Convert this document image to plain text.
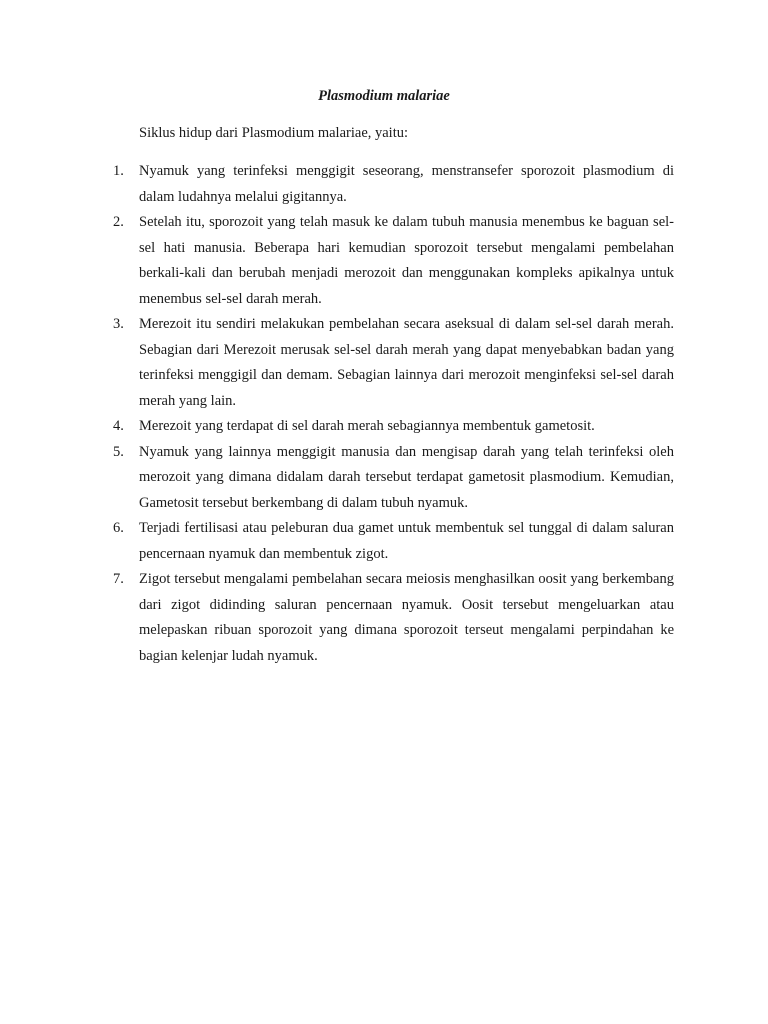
Plasmodium malariae

Siklus hidup dari Plasmodium malariae, yaitu:

1. Nyamuk yang terinfeksi menggigit seseorang, menstransefer sporozoit plasmodium di dalam ludahnya melalui gigitannya.
2. Setelah itu, sporozoit yang telah masuk ke dalam tubuh manusia menembus ke baguan sel-sel hati manusia. Beberapa hari kemudian sporozoit tersebut mengalami pembelahan berkali-kali dan berubah menjadi merozoit dan menggunakan kompleks apikalnya untuk menembus sel-sel darah merah.
3. Merezoit itu sendiri melakukan pembelahan secara aseksual di dalam sel-sel darah merah. Sebagian dari Merezoit merusak sel-sel darah merah yang dapat menyebabkan badan yang terinfeksi menggigil dan demam. Sebagian lainnya dari merozoit menginfeksi sel-sel darah merah yang lain.
4. Merezoit yang terdapat di sel darah merah sebagiannya membentuk gametosit.
5. Nyamuk yang lainnya menggigit manusia dan mengisap darah yang telah terinfeksi oleh merozoit yang dimana didalam darah tersebut terdapat gametosit plasmodium. Kemudian, Gametosit tersebut berkembang di dalam tubuh nyamuk.
6. Terjadi fertilisasi atau peleburan dua gamet untuk membentuk sel tunggal di dalam saluran pencernaan nyamuk dan membentuk zigot.
7. Zigot tersebut mengalami pembelahan secara meiosis menghasilkan oosit yang berkembang dari zigot didinding saluran pencernaan nyamuk. Oosit tersebut mengeluarkan atau melepaskan ribuan sporozoit yang dimana sporozoit terseut mengalami perpindahan ke bagian kelenjar ludah nyamuk.
